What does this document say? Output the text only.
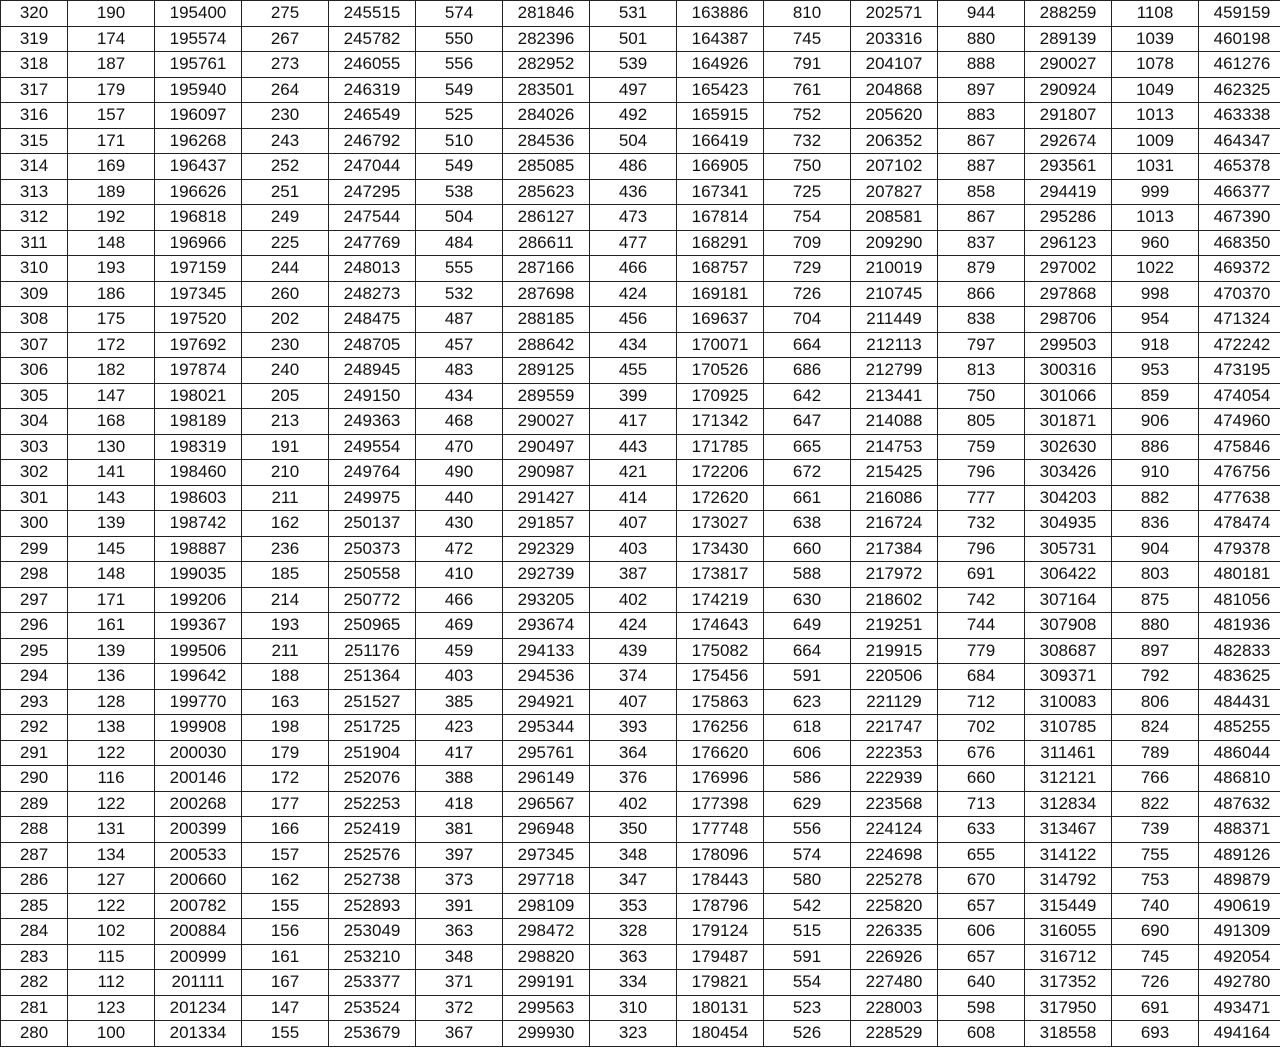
320	190	195400	275	245515	574	281846	531	163886	810	202571	944	288259	1108	459159
319	174	195574	267	245782	550	282396	501	164387	745	203316	880	289139	1039	460198
318	187	195761	273	246055	556	282952	539	164926	791	204107	888	290027	1078	461276
317	179	195940	264	246319	549	283501	497	165423	761	204868	897	290924	1049	462325
316	157	196097	230	246549	525	284026	492	165915	752	205620	883	291807	1013	463338
315	171	196268	243	246792	510	284536	504	166419	732	206352	867	292674	1009	464347
314	169	196437	252	247044	549	285085	486	166905	750	207102	887	293561	1031	465378
313	189	196626	251	247295	538	285623	436	167341	725	207827	858	294419	999	466377
312	192	196818	249	247544	504	286127	473	167814	754	208581	867	295286	1013	467390
311	148	196966	225	247769	484	286611	477	168291	709	209290	837	296123	960	468350
310	193	197159	244	248013	555	287166	466	168757	729	210019	879	297002	1022	469372
309	186	197345	260	248273	532	287698	424	169181	726	210745	866	297868	998	470370
308	175	197520	202	248475	487	288185	456	169637	704	211449	838	298706	954	471324
307	172	197692	230	248705	457	288642	434	170071	664	212113	797	299503	918	472242
306	182	197874	240	248945	483	289125	455	170526	686	212799	813	300316	953	473195
305	147	198021	205	249150	434	289559	399	170925	642	213441	750	301066	859	474054
304	168	198189	213	249363	468	290027	417	171342	647	214088	805	301871	906	474960
303	130	198319	191	249554	470	290497	443	171785	665	214753	759	302630	886	475846
302	141	198460	210	249764	490	290987	421	172206	672	215425	796	303426	910	476756
301	143	198603	211	249975	440	291427	414	172620	661	216086	777	304203	882	477638
300	139	198742	162	250137	430	291857	407	173027	638	216724	732	304935	836	478474
299	145	198887	236	250373	472	292329	403	173430	660	217384	796	305731	904	479378
298	148	199035	185	250558	410	292739	387	173817	588	217972	691	306422	803	480181
297	171	199206	214	250772	466	293205	402	174219	630	218602	742	307164	875	481056
296	161	199367	193	250965	469	293674	424	174643	649	219251	744	307908	880	481936
295	139	199506	211	251176	459	294133	439	175082	664	219915	779	308687	897	482833
294	136	199642	188	251364	403	294536	374	175456	591	220506	684	309371	792	483625
293	128	199770	163	251527	385	294921	407	175863	623	221129	712	310083	806	484431
292	138	199908	198	251725	423	295344	393	176256	618	221747	702	310785	824	485255
291	122	200030	179	251904	417	295761	364	176620	606	222353	676	311461	789	486044
290	116	200146	172	252076	388	296149	376	176996	586	222939	660	312121	766	486810
289	122	200268	177	252253	418	296567	402	177398	629	223568	713	312834	822	487632
288	131	200399	166	252419	381	296948	350	177748	556	224124	633	313467	739	488371
287	134	200533	157	252576	397	297345	348	178096	574	224698	655	314122	755	489126
286	127	200660	162	252738	373	297718	347	178443	580	225278	670	314792	753	489879
285	122	200782	155	252893	391	298109	353	178796	542	225820	657	315449	740	490619
284	102	200884	156	253049	363	298472	328	179124	515	226335	606	316055	690	491309
283	115	200999	161	253210	348	298820	363	179487	591	226926	657	316712	745	492054
282	112	201111	167	253377	371	299191	334	179821	554	227480	640	317352	726	492780
281	123	201234	147	253524	372	299563	310	180131	523	228003	598	317950	691	493471
280	100	201334	155	253679	367	299930	323	180454	526	228529	608	318558	693	494164
